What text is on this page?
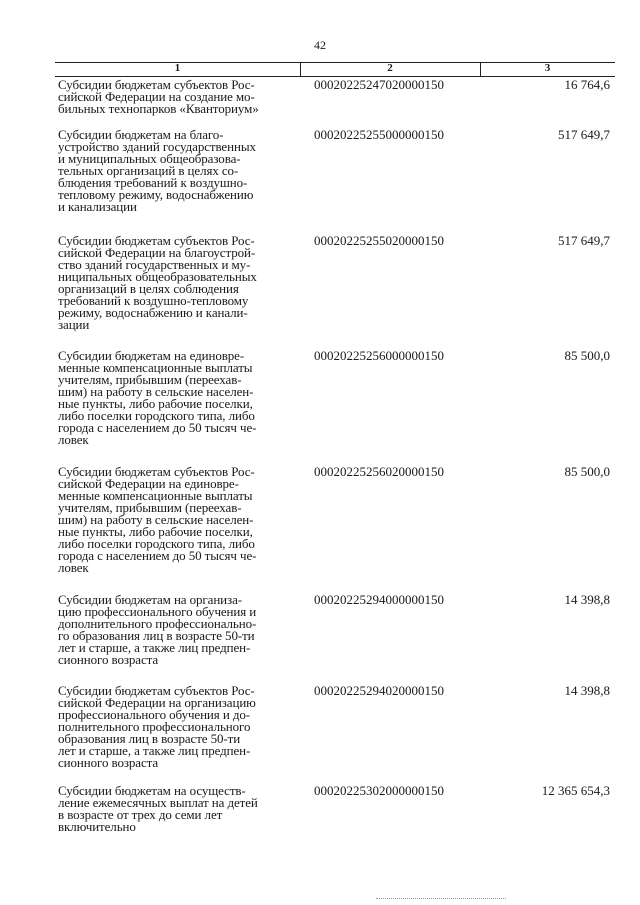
42
1	2	3
Субсидии бюджетам субъектов Рос-
сийской Федерации на создание мо-
бильных технопарков «Кванториум»
00020225247020000150	16 764,6
Субсидии бюджетам на благо-
устройство зданий государственных
и муниципальных общеобразова-
тельных организаций в целях со-
блюдения требований к воздушно-
тепловому режиму, водоснабжению
и канализации
00020225255000000150	517 649,7
Субсидии бюджетам субъектов Рос-
сийской Федерации на благоустрой-
ство зданий государственных и му-
ниципальных общеобразовательных
организаций в целях соблюдения
требований к воздушно-тепловому
режиму, водоснабжению и канали-
зации
00020225255020000150	517 649,7
Субсидии бюджетам на единовре-
менные компенсационные выплаты
учителям, прибывшим (переехав-
шим) на работу в сельские населен-
ные пункты, либо рабочие поселки,
либо поселки городского типа, либо
города с населением до 50 тысяч че-
ловек
00020225256000000150	85 500,0
Субсидии бюджетам субъектов Рос-
сийской Федерации на единовре-
менные компенсационные выплаты
учителям, прибывшим (переехав-
шим) на работу в сельские населен-
ные пункты, либо рабочие поселки,
либо поселки городского типа, либо
города с населением до 50 тысяч че-
ловек
00020225256020000150	85 500,0
Субсидии бюджетам на организа-
цию профессионального обучения и
дополнительного профессионально-
го образования лиц в возрасте 50-ти
лет и старше, а также лиц предпен-
сионного возраста
00020225294000000150	14 398,8
Субсидии бюджетам субъектов Рос-
сийской Федерации на организацию
профессионального обучения и до-
полнительного профессионального
образования лиц в возрасте 50-ти
лет и старше, а также лиц предпен-
сионного возраста
00020225294020000150	14 398,8
Субсидии бюджетам на осуществ-
ление ежемесячных выплат на детей
в возрасте от трех до семи лет
включительно
00020225302000000150	12 365 654,3
